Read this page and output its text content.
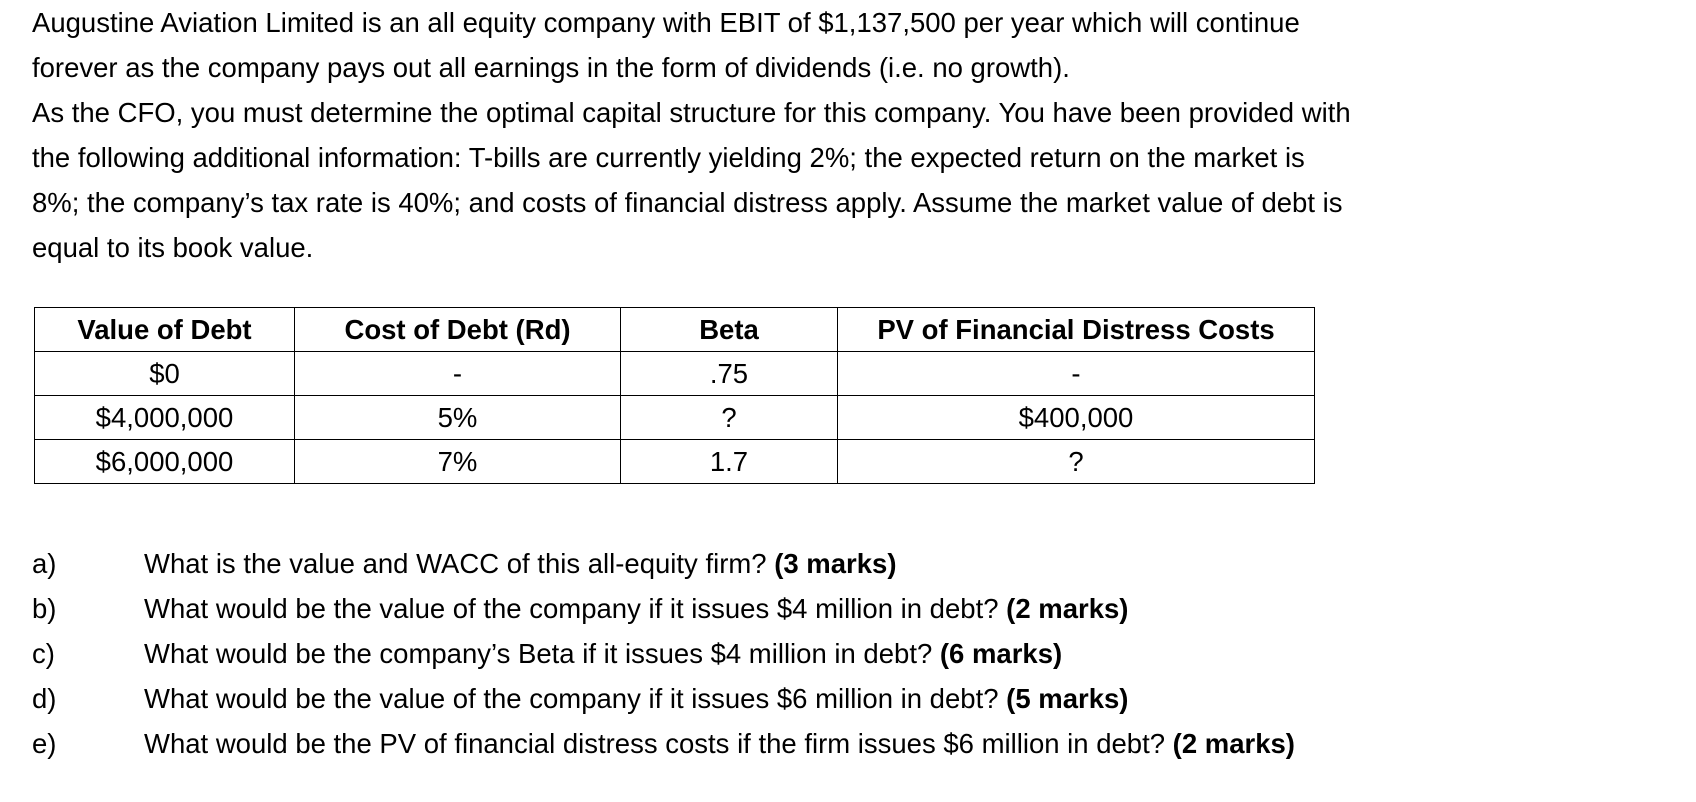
Augustine Aviation Limited is an all equity company with EBIT of $1,137,500 per year which will continue

forever as the company pays out all earnings in the form of dividends (i.e. no growth).

As the CFO, you must determine the optimal capital structure for this company. You have been provided with

the following additional information: T-bills are currently yielding 2%; the expected return on the market is

8%; the company’s tax rate is 40%; and costs of financial distress apply. Assume the market value of debt is

equal to its book value.

Value of Debt	Cost of Debt (Rd)	Beta	PV of Financial Distress Costs
$0	-	.75	-
$4,000,000	5%	?	$400,000
$6,000,000	7%	1.7	?
a)	What is the value and WACC of this all-equity firm? (3 marks)
b)	What would be the value of the company if it issues $4 million in debt? (2 marks)
c)	What would be the company’s Beta if it issues $4 million in debt? (6 marks)
d)	What would be the value of the company if it issues $6 million in debt? (5 marks)
e)	What would be the PV of financial distress costs if the firm issues $6 million in debt? (2 marks)
